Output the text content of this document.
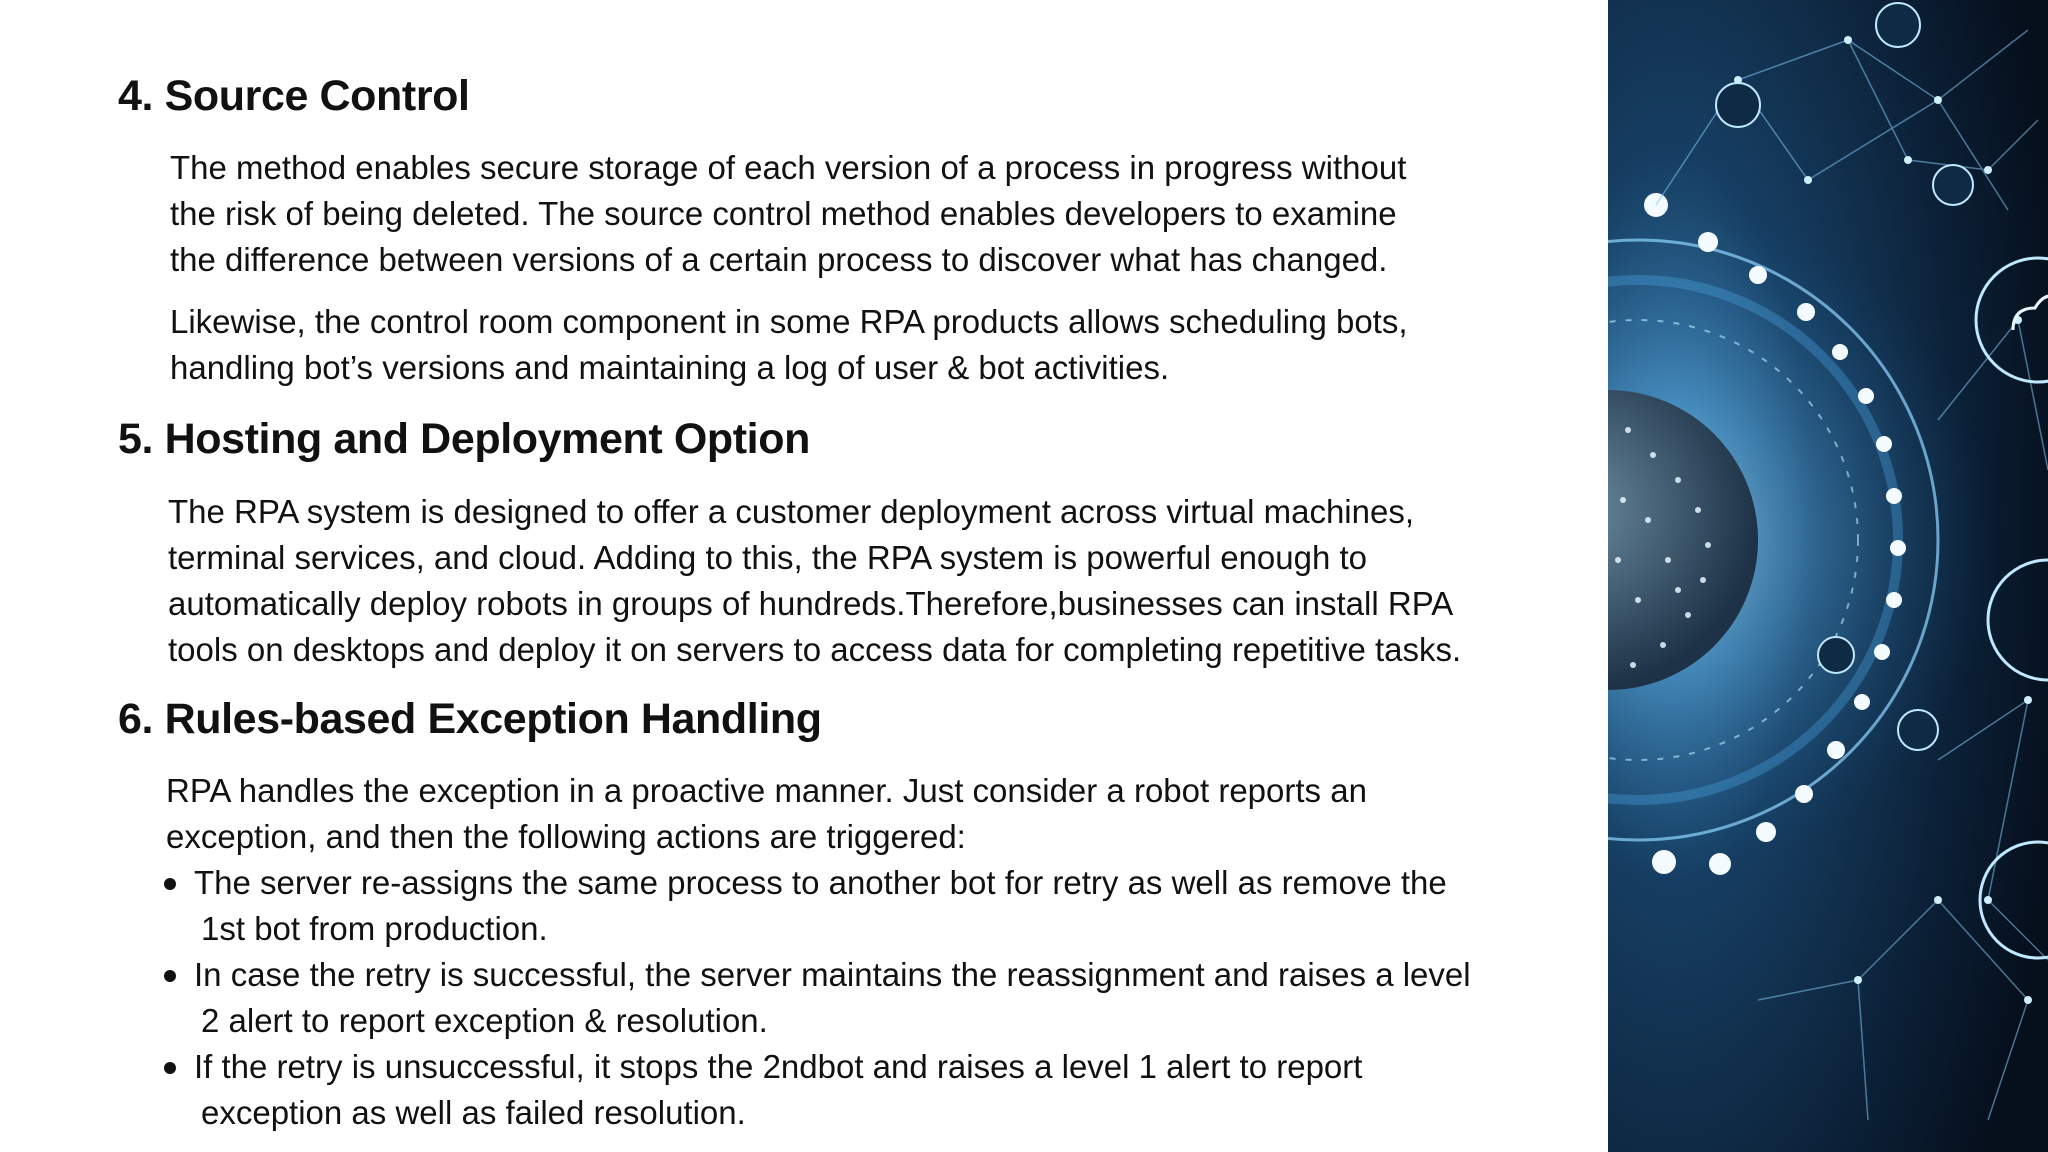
4. Source Control
The method enables secure storage of each version of a process in progress without
the risk of being deleted. The source control method enables developers to examine
the difference between versions of a certain process to discover what has changed.
Likewise, the control room component in some RPA products allows scheduling bots,
handling bot’s versions and maintaining a log of user & bot activities.
5. Hosting and Deployment Option
The RPA system is designed to offer a customer deployment across virtual machines,
terminal services, and cloud. Adding to this, the RPA system is powerful enough to
automatically deploy robots in groups of hundreds.Therefore,businesses can install RPA
tools on desktops and deploy it on servers to access data for completing repetitive tasks.
6. Rules-based Exception Handling
RPA handles the exception in a proactive manner. Just consider a robot reports an
exception, and then the following actions are triggered:
The server re-assigns the same process to another bot for retry as well as remove the
1st bot from production.
In case the retry is successful, the server maintains the reassignment and raises a level
2 alert to report exception & resolution.
If the retry is unsuccessful, it stops the 2ndbot and raises a level 1 alert to report
exception as well as failed resolution.
